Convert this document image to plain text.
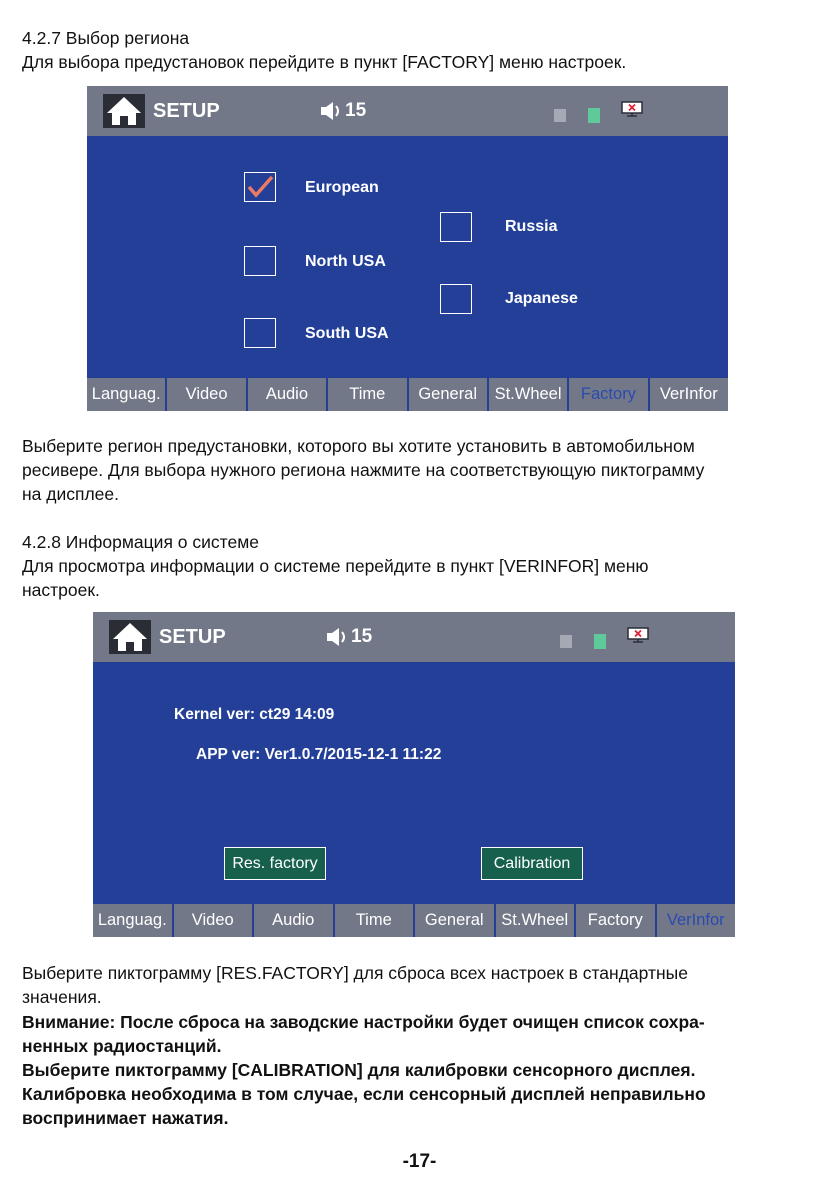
4.2.7 Выбор региона

Для выбора предустановок перейдите в пункт [FACTORY] меню настроек.

SETUP	15
European
Russia
North USA
Japanese
South USA
Languag.	Video	Audio	Time	General	St.Wheel	Factory	VerInfor

Выберите регион предустановки, которого вы хотите установить в автомобильном

ресивере. Для выбора нужного региона нажмите на соответствующую пиктограмму

на дисплее.

4.2.8 Информация о системе

Для просмотра информации о системе перейдите в пункт [VERINFOR] меню

настроек.

SETUP	15
Kernel ver: ct29 14:09
APP ver: Ver1.0.7/2015-12-1 11:22
Res. factory	Calibration
Languag.	Video	Audio	Time	General	St.Wheel	Factory	VerInfor

Выберите пиктограмму [RES.FACTORY] для сброса всех настроек в стандартные

значения.

Внимание: После сброса на заводские настройки будет очищен список сохра-

ненных радиостанций.

Выберите пиктограмму [CALIBRATION] для калибровки сенсорного дисплея.

Калибровка необходима в том случае, если сенсорный дисплей неправильно

воспринимает нажатия.

-17-
